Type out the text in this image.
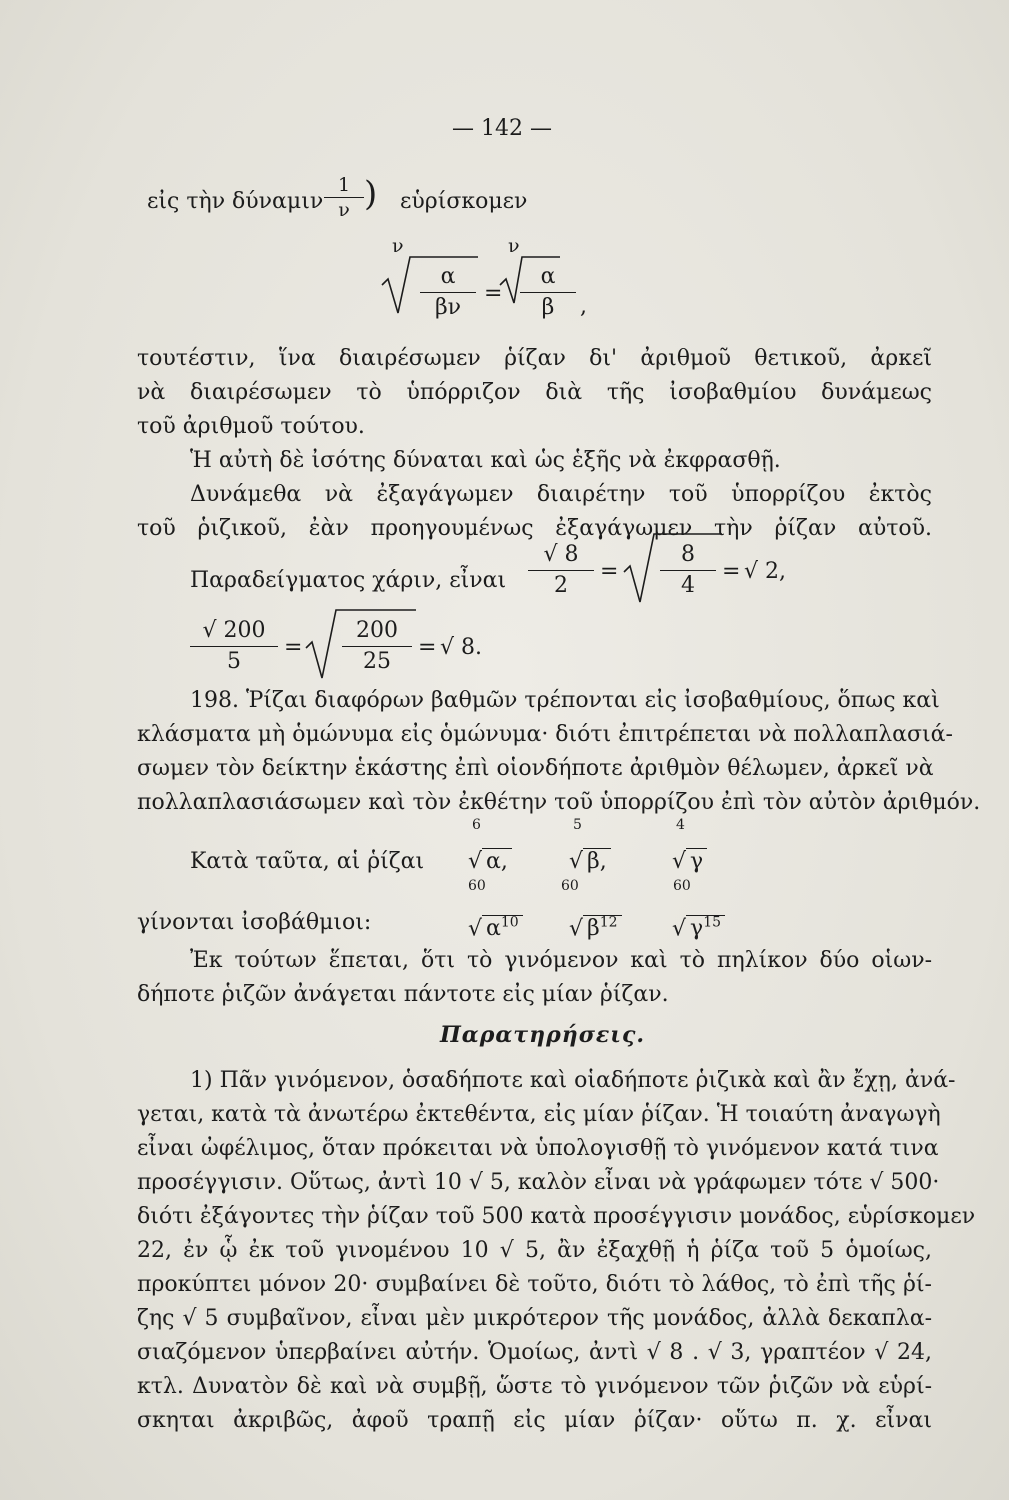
— 142 —
εἰς τὴν δύναμιν $\frac{1}{\nu}$ ) εὑρίσκομεν
ν	ν
$\frac{\alpha}{\beta\nu} = \frac{\alpha}{\beta}$ ,
τουτέστιν, ἵνα διαιρέσωμεν ῥίζαν δι' ἀριθμοῦ θετικοῦ, ἀρκεῖ
νὰ διαιρέσωμεν τὸ ὑπόρριζον διὰ τῆς ἰσοβαθμίου δυνάμεως
τοῦ ἀριθμοῦ τούτου.
Ἡ αὐτὴ δὲ ἰσότης δύναται καὶ ὡς ἑξῆς νὰ ἐκφρασθῇ.
Δυνάμεθα νὰ ἐξαγάγωμεν διαιρέτην τοῦ ὑπορρίζου ἐκτὸς
τοῦ ῥιζικοῦ, ἐὰν προηγουμένως ἐξαγάγωμεν τὴν ῥίζαν αὐτοῦ.
Παραδείγματος χάριν, εἶναι $\frac{√ 8}{2} = \frac{8}{4}$ = √ 2,
$\frac{√ 200}{5} = \frac{200}{25}$ = √ 8.
198. Ῥίζαι διαφόρων βαθμῶν τρέπονται εἰς ἰσοβαθμίους, ὅπως καὶ
κλάσματα μὴ ὁμώνυμα εἰς ὁμώνυμα· διότι ἐπιτρέπεται νὰ πολλαπλασιά-
σωμεν τὸν δείκτην ἑκάστης ἐπὶ οἱονδήποτε ἀριθμὸν θέλωμεν, ἀρκεῖ νὰ
πολλαπλασιάσωμεν καὶ τὸν ἐκθέτην τοῦ ὑπορρίζου ἐπὶ τὸν αὐτὸν ἀριθμόν.
Κατὰ ταῦτα, αἱ ῥίζαι
6	5	4
√ α,	√ β,	√ γ
γίνονται ἰσοβάθμιοι:
60	60	60
√ $\alpha^{10}$ √ $\beta^{12}$ √ $\gamma^{15}$
Ἐκ τούτων ἕπεται, ὅτι τὸ γινόμενον καὶ τὸ πηλίκον δύο οἱων-
δήποτε ῥιζῶν ἀνάγεται πάντοτε εἰς μίαν ῥίζαν.
Παρατηρήσεις.
1) Πᾶν γινόμενον, ὁσαδήποτε καὶ οἱαδήποτε ῥιζικὰ καὶ ἂν ἔχῃ, ἀνά-
γεται, κατὰ τὰ ἀνωτέρω ἐκτεθέντα, εἰς μίαν ῥίζαν. Ἡ τοιαύτη ἀναγωγὴ
εἶναι ὠφέλιμος, ὅταν πρόκειται νὰ ὑπολογισθῇ τὸ γινόμενον κατά τινα
προσέγγισιν. Οὕτως, ἀντὶ 10 √ 5, καλὸν εἶναι νὰ γράφωμεν τότε √ 500·
διότι ἐξάγοντες τὴν ῥίζαν τοῦ 500 κατὰ προσέγγισιν μονάδος, εὑρίσκομεν
22, ἐν ᾧ ἐκ τοῦ γινομένου 10 √ 5, ἂν ἐξαχθῇ ἡ ῥίζα τοῦ 5 ὁμοίως,
προκύπτει μόνον 20· συμβαίνει δὲ τοῦτο, διότι τὸ λάθος, τὸ ἐπὶ τῆς ῥί-
ζης √ 5 συμβαῖνον, εἶναι μὲν μικρότερον τῆς μονάδος, ἀλλὰ δεκαπλα-
σιαζόμενον ὑπερβαίνει αὐτήν. Ὁμοίως, ἀντὶ √ 8 . √ 3, γραπτέον √ 24,
κτλ. Δυνατὸν δὲ καὶ νὰ συμβῇ, ὥστε τὸ γινόμενον τῶν ῥιζῶν νὰ εὑρί-
σκηται ἀκριβῶς, ἀφοῦ τραπῇ εἰς μίαν ῥίζαν· οὕτω π. χ. εἶναι
